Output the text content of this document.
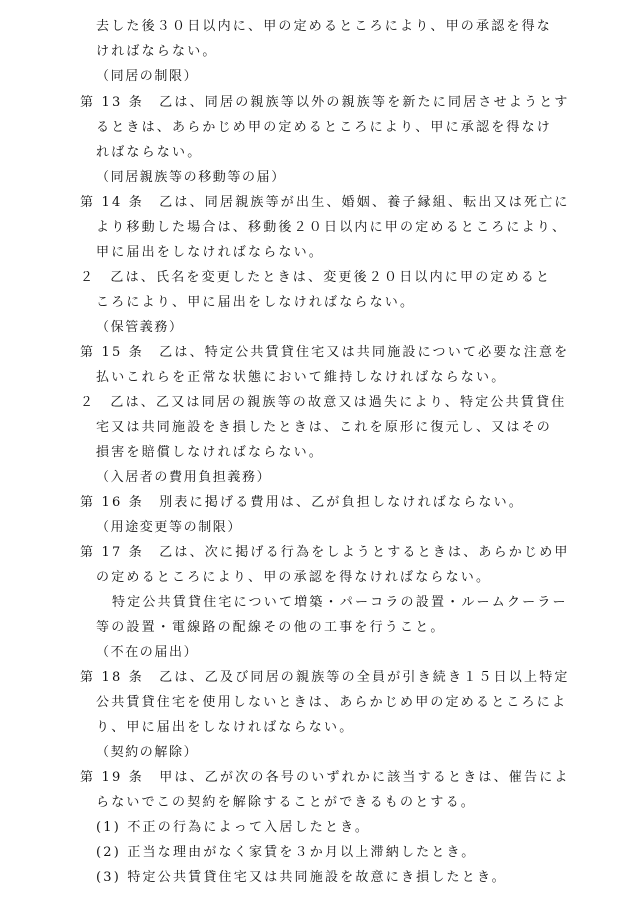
去した後３０日以内に、甲の定めるところにより、甲の承認を得な
ければならない。
（同居の制限）
第 13 条　乙は、同居の親族等以外の親族等を新たに同居させようとす
るときは、あらかじめ甲の定めるところにより、甲に承認を得なけ
ればならない。
（同居親族等の移動等の届）
第 14 条　乙は、同居親族等が出生、婚姻、養子縁組、転出又は死亡に
より移動した場合は、移動後２０日以内に甲の定めるところにより、
甲に届出をしなければならない。
２　乙は、氏名を変更したときは、変更後２０日以内に甲の定めると
ころにより、甲に届出をしなければならない。
（保管義務）
第 15 条　乙は、特定公共賃貸住宅又は共同施設について必要な注意を
払いこれらを正常な状態において維持しなければならない。
２　乙は、乙又は同居の親族等の故意又は過失により、特定公共賃貸住
宅又は共同施設をき損したときは、これを原形に復元し、又はその
損害を賠償しなければならない。
（入居者の費用負担義務）
第 16 条　別表に掲げる費用は、乙が負担しなければならない。
（用途変更等の制限）
第 17 条　乙は、次に掲げる行為をしようとするときは、あらかじめ甲
の定めるところにより、甲の承認を得なければならない。
特定公共賃貸住宅について増築・パーコラの設置・ルームクーラー
等の設置・電線路の配線その他の工事を行うこと。
（不在の届出）
第 18 条　乙は、乙及び同居の親族等の全員が引き続き１５日以上特定
公共賃貸住宅を使用しないときは、あらかじめ甲の定めるところによ
り、甲に届出をしなければならない。
（契約の解除）
第 19 条　甲は、乙が次の各号のいずれかに該当するときは、催告によ
らないでこの契約を解除することができるものとする。
(1) 不正の行為によって入居したとき。
(2) 正当な理由がなく家賃を３か月以上滞納したとき。
(3) 特定公共賃貸住宅又は共同施設を故意にき損したとき。
